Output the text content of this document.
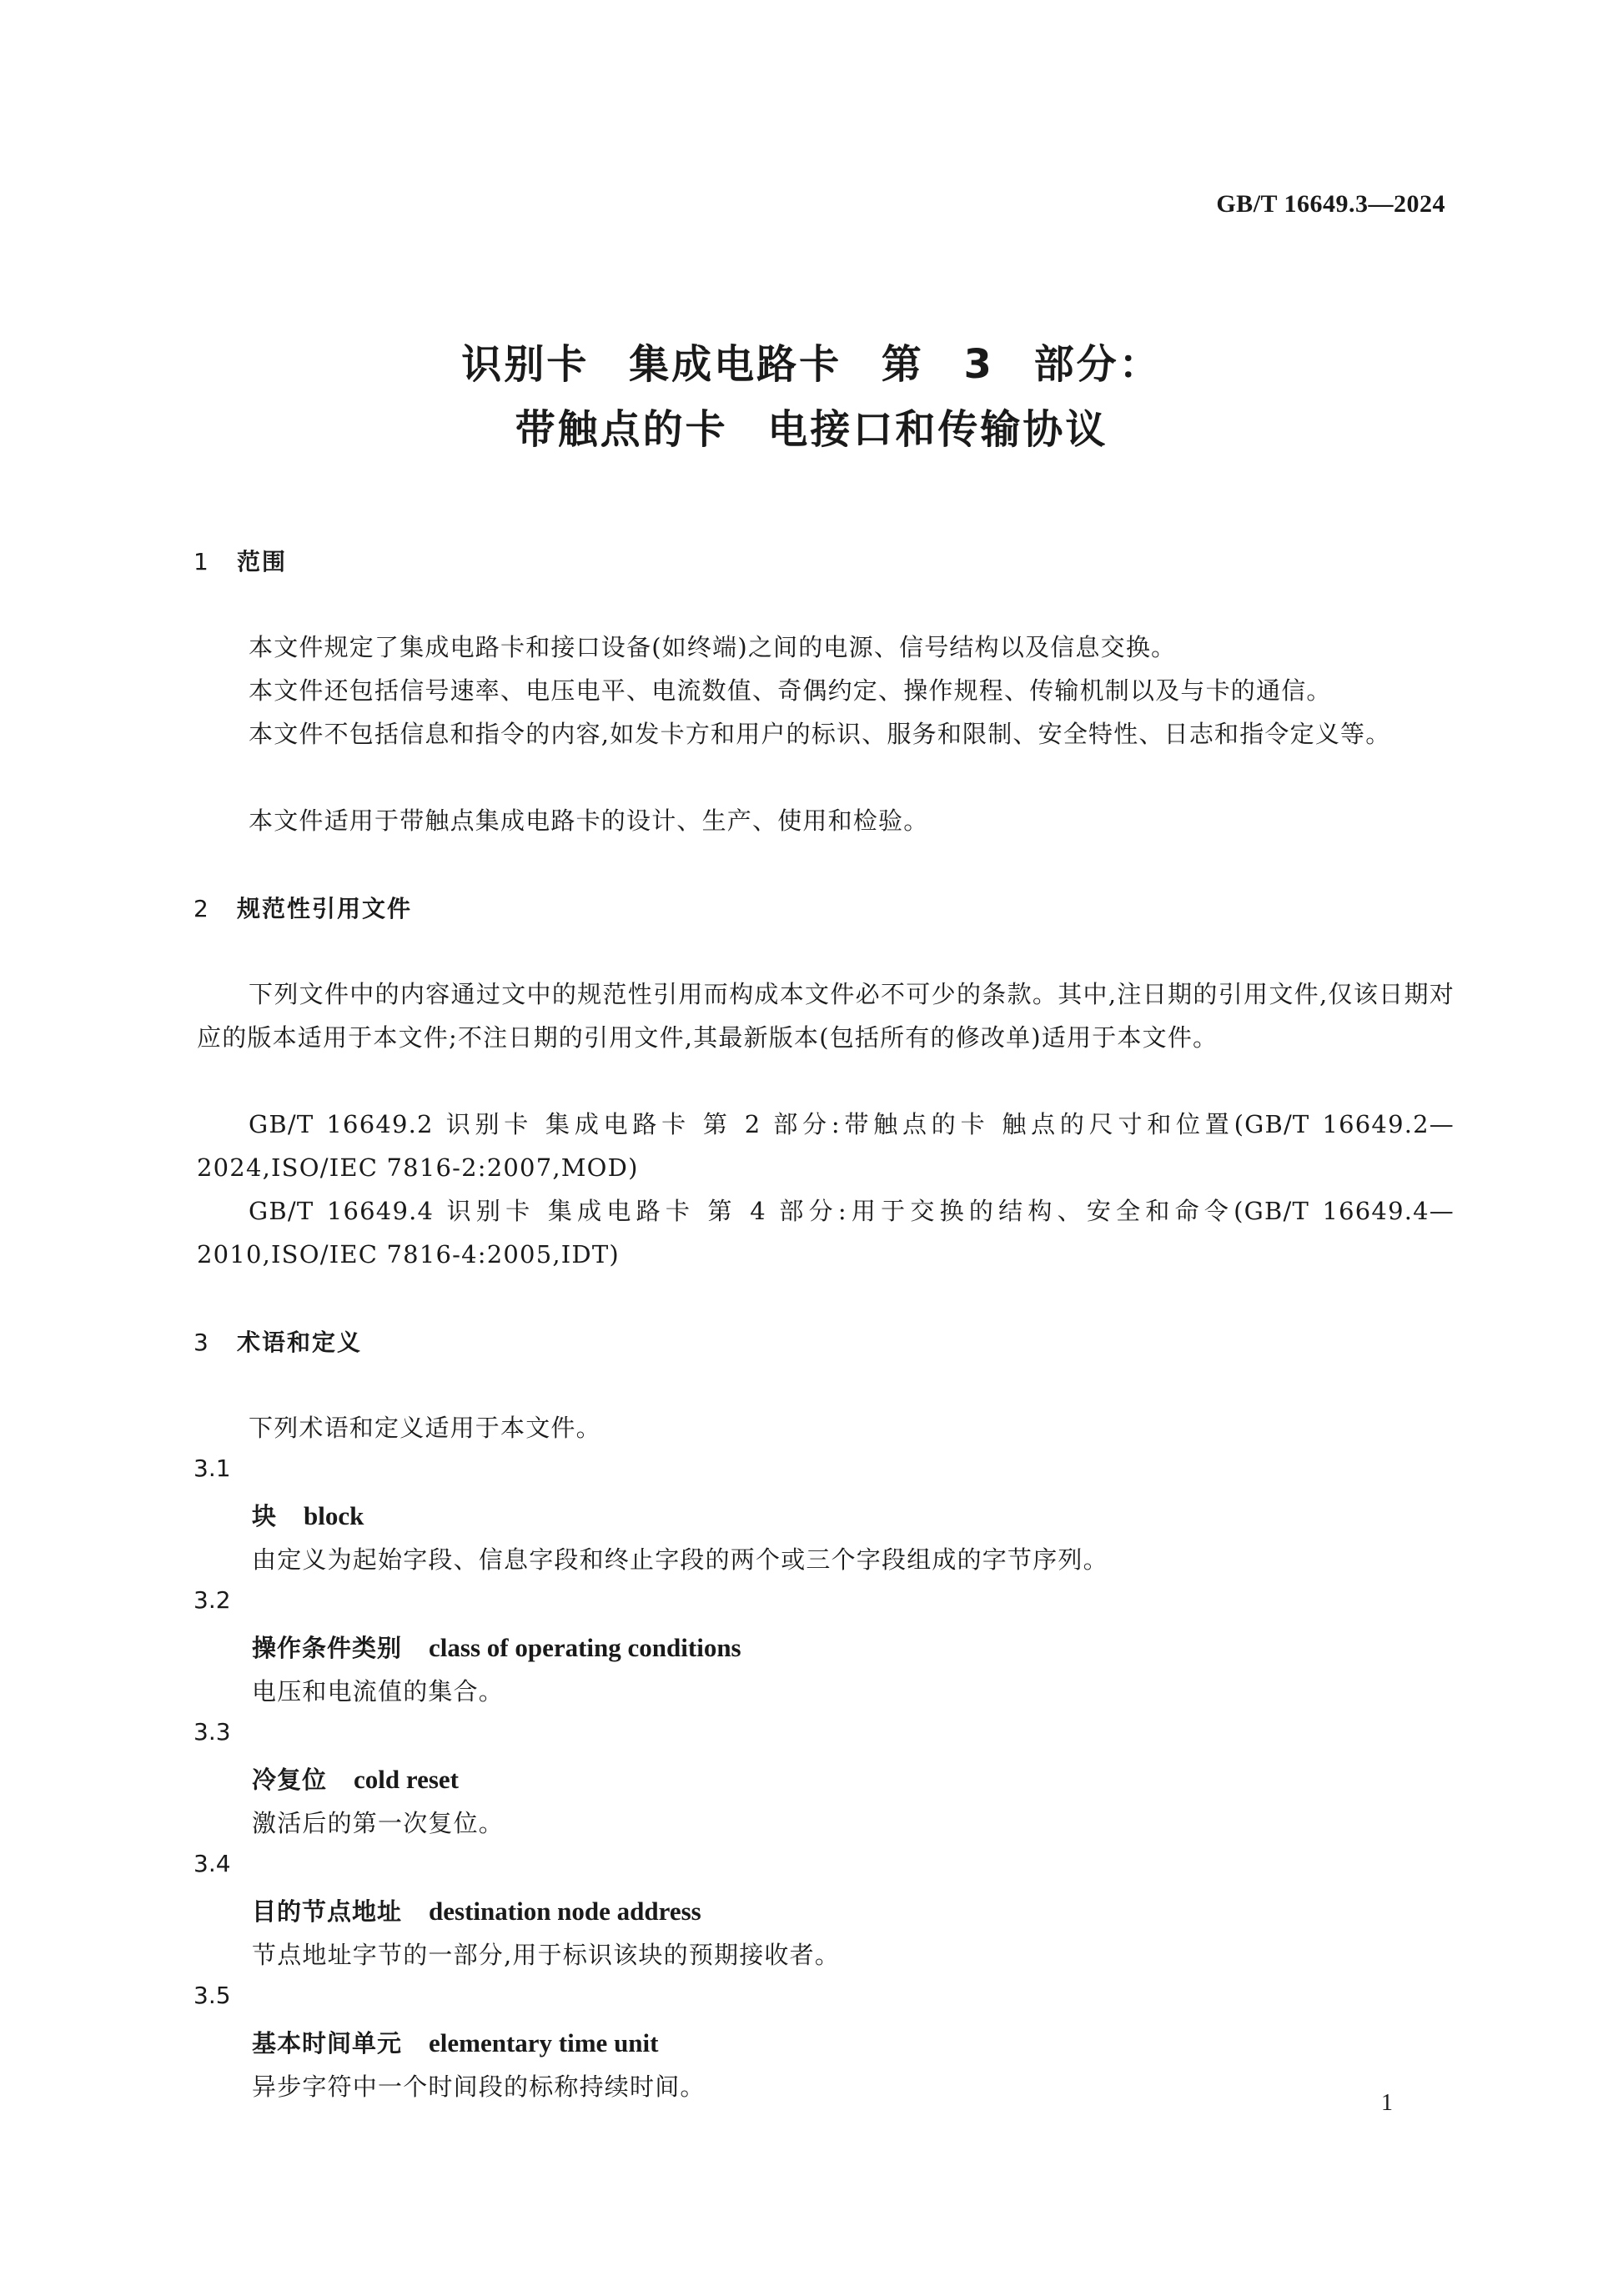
GB/T 16649.3—2024
识别卡 集成电路卡 第 3 部分：
带触点的卡 电接口和传输协议
1 范围

本文件规定了集成电路卡和接口设备(如终端)之间的电源、信号结构以及信息交换。

本文件还包括信号速率、电压电平、电流数值、奇偶约定、操作规程、传输机制以及与卡的通信。

本文件不包括信息和指令的内容,如发卡方和用户的标识、服务和限制、安全特性、日志和指令定义等。

本文件适用于带触点集成电路卡的设计、生产、使用和检验。

2 规范性引用文件

下列文件中的内容通过文中的规范性引用而构成本文件必不可少的条款。其中,注日期的引用文件,仅该日期对应的版本适用于本文件;不注日期的引用文件,其最新版本(包括所有的修改单)适用于本文件。

GB/T 16649.2 识别卡 集成电路卡 第 2 部分:带触点的卡 触点的尺寸和位置(GB/T 16649.2—2024,ISO/IEC 7816-2:2007,MOD)

GB/T 16649.4 识别卡 集成电路卡 第 4 部分:用于交换的结构、安全和命令(GB/T 16649.4—2010,ISO/IEC 7816-4:2005,IDT)

3 术语和定义

下列术语和定义适用于本文件。

3.1
块 block
由定义为起始字段、信息字段和终止字段的两个或三个字段组成的字节序列。
3.2
操作条件类别 class of operating conditions
电压和电流值的集合。
3.3
冷复位 cold reset
激活后的第一次复位。
3.4
目的节点地址 destination node address
节点地址字节的一部分,用于标识该块的预期接收者。
3.5
基本时间单元 elementary time unit
异步字符中一个时间段的标称持续时间。
1
